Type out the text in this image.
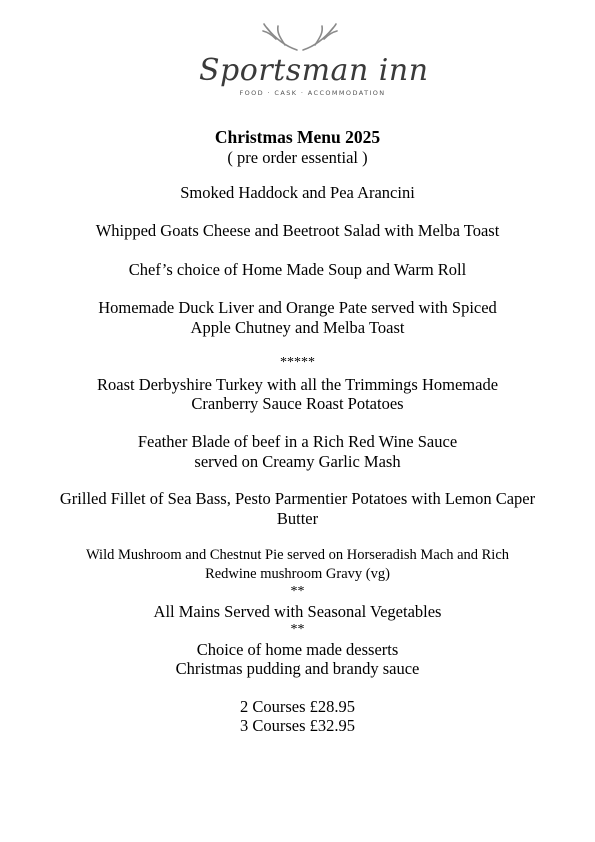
Sportsman inn
FOOD · CASK · ACCOMMODATION
Christmas Menu 2025
( pre order essential )
Smoked Haddock and Pea Arancini
Whipped Goats Cheese and Beetroot Salad with Melba Toast
Chef’s choice of Home Made Soup and Warm Roll
Homemade Duck Liver and Orange Pate served with Spiced
Apple Chutney and Melba Toast
*****
Roast Derbyshire Turkey with all the Trimmings Homemade
Cranberry Sauce Roast Potatoes
Feather Blade of beef in a Rich Red Wine Sauce
served on Creamy Garlic Mash
Grilled Fillet of Sea Bass, Pesto Parmentier Potatoes with Lemon Caper
Butter
Wild Mushroom and Chestnut Pie served on Horseradish Mach and Rich
Redwine mushroom Gravy (vg)
**
All Mains Served with Seasonal Vegetables
**
Choice of home made desserts
Christmas pudding and brandy sauce
2 Courses £28.95
3 Courses £32.95
